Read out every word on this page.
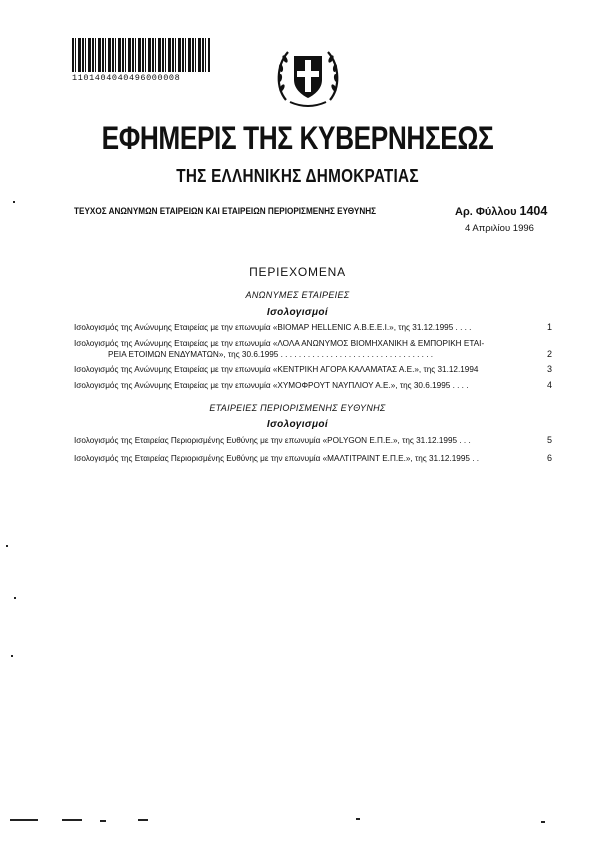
1101404040496000008
ΕΦΗΜΕΡΙΣ ΤΗΣ ΚΥΒΕΡΝΗΣΕΩΣ
ΤΗΣ ΕΛΛΗΝΙΚΗΣ ΔΗΜΟΚΡΑΤΙΑΣ
ΤΕΥΧΟΣ ΑΝΩΝΥΜΩΝ ΕΤΑΙΡΕΙΩΝ ΚΑΙ ΕΤΑΙΡΕΙΩΝ ΠΕΡΙΟΡΙΣΜΕΝΗΣ ΕΥΘΥΝΗΣ	Αρ. Φύλλου 1404
4 Απριλίου 1996
ΠΕΡΙΕΧΟΜΕΝΑ
ΑΝΩΝΥΜΕΣ ΕΤΑΙΡΕΙΕΣ
Ισολογισμοί
Ισολογισμός της Ανώνυμης Εταιρείας με την επωνυμία «ΒΙΟΜΑΡ HELLENIC Α.Β.Ε.Ε.Ι.», της 31.12.1995 . . . .	1
Ισολογισμός της Ανώνυμης Εταιρείας με την επωνυμία «ΛΟΛΑ ΑΝΩΝΥΜΟΣ ΒΙΟΜΗΧΑΝΙΚΗ & ΕΜΠΟΡΙΚΗ ΕΤΑΙ-
ΡΕΙΑ ΕΤΟΙΜΩΝ ΕΝΔΥΜΑΤΩΝ», της 30.6.1995 . . . . . . . . . . . . . . . . . . . . . . . . . . . . . . . . . .	2
Ισολογισμός της Ανώνυμης Εταιρείας με την επωνυμία «ΚΕΝΤΡΙΚΗ ΑΓΟΡΑ ΚΑΛΑΜΑΤΑΣ Α.Ε.», της 31.12.1994	3
Ισολογισμός της Ανώνυμης Εταιρείας με την επωνυμία «ΧΥΜΟΦΡΟΥΤ ΝΑΥΠΛΙΟΥ Α.Ε.», της 30.6.1995 . . . .	4
ΕΤΑΙΡΕΙΕΣ ΠΕΡΙΟΡΙΣΜΕΝΗΣ ΕΥΘΥΝΗΣ
Ισολογισμοί
Ισολογισμός της Εταιρείας Περιορισμένης Ευθύνης με την επωνυμία «POLYGON Ε.Π.Ε.», της 31.12.1995 . . .	5
Ισολογισμός της Εταιρείας Περιορισμένης Ευθύνης με την επωνυμία «ΜΑΛΤΙΤΡΑΙΝΤ Ε.Π.Ε.», της 31.12.1995 . .	6
